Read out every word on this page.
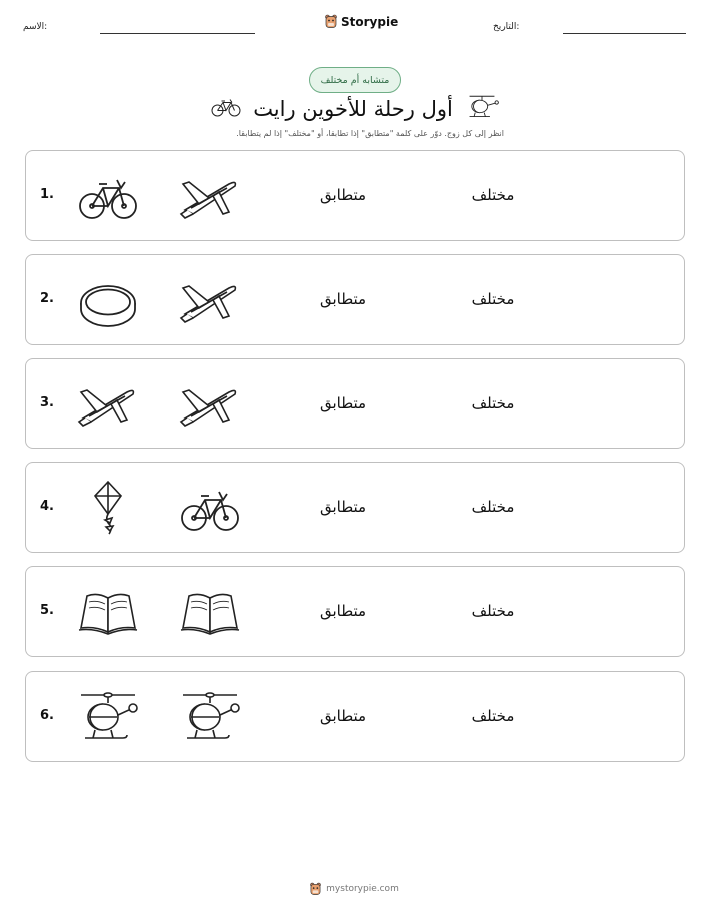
الاسم:	Storypie	التاريخ:
متشابه أم مختلف
أول رحلة للأخوين رايت
انظر إلى كل زوج. دوّر على كلمة "متطابق" إذا تطابقا، أو "مختلف" إذا لم يتطابقا.
1.	متطابق	مختلف
2.	متطابق	مختلف
3.	متطابق	مختلف
4.	متطابق	مختلف
5.	متطابق	مختلف
6.	متطابق	مختلف
mystorypie.com
